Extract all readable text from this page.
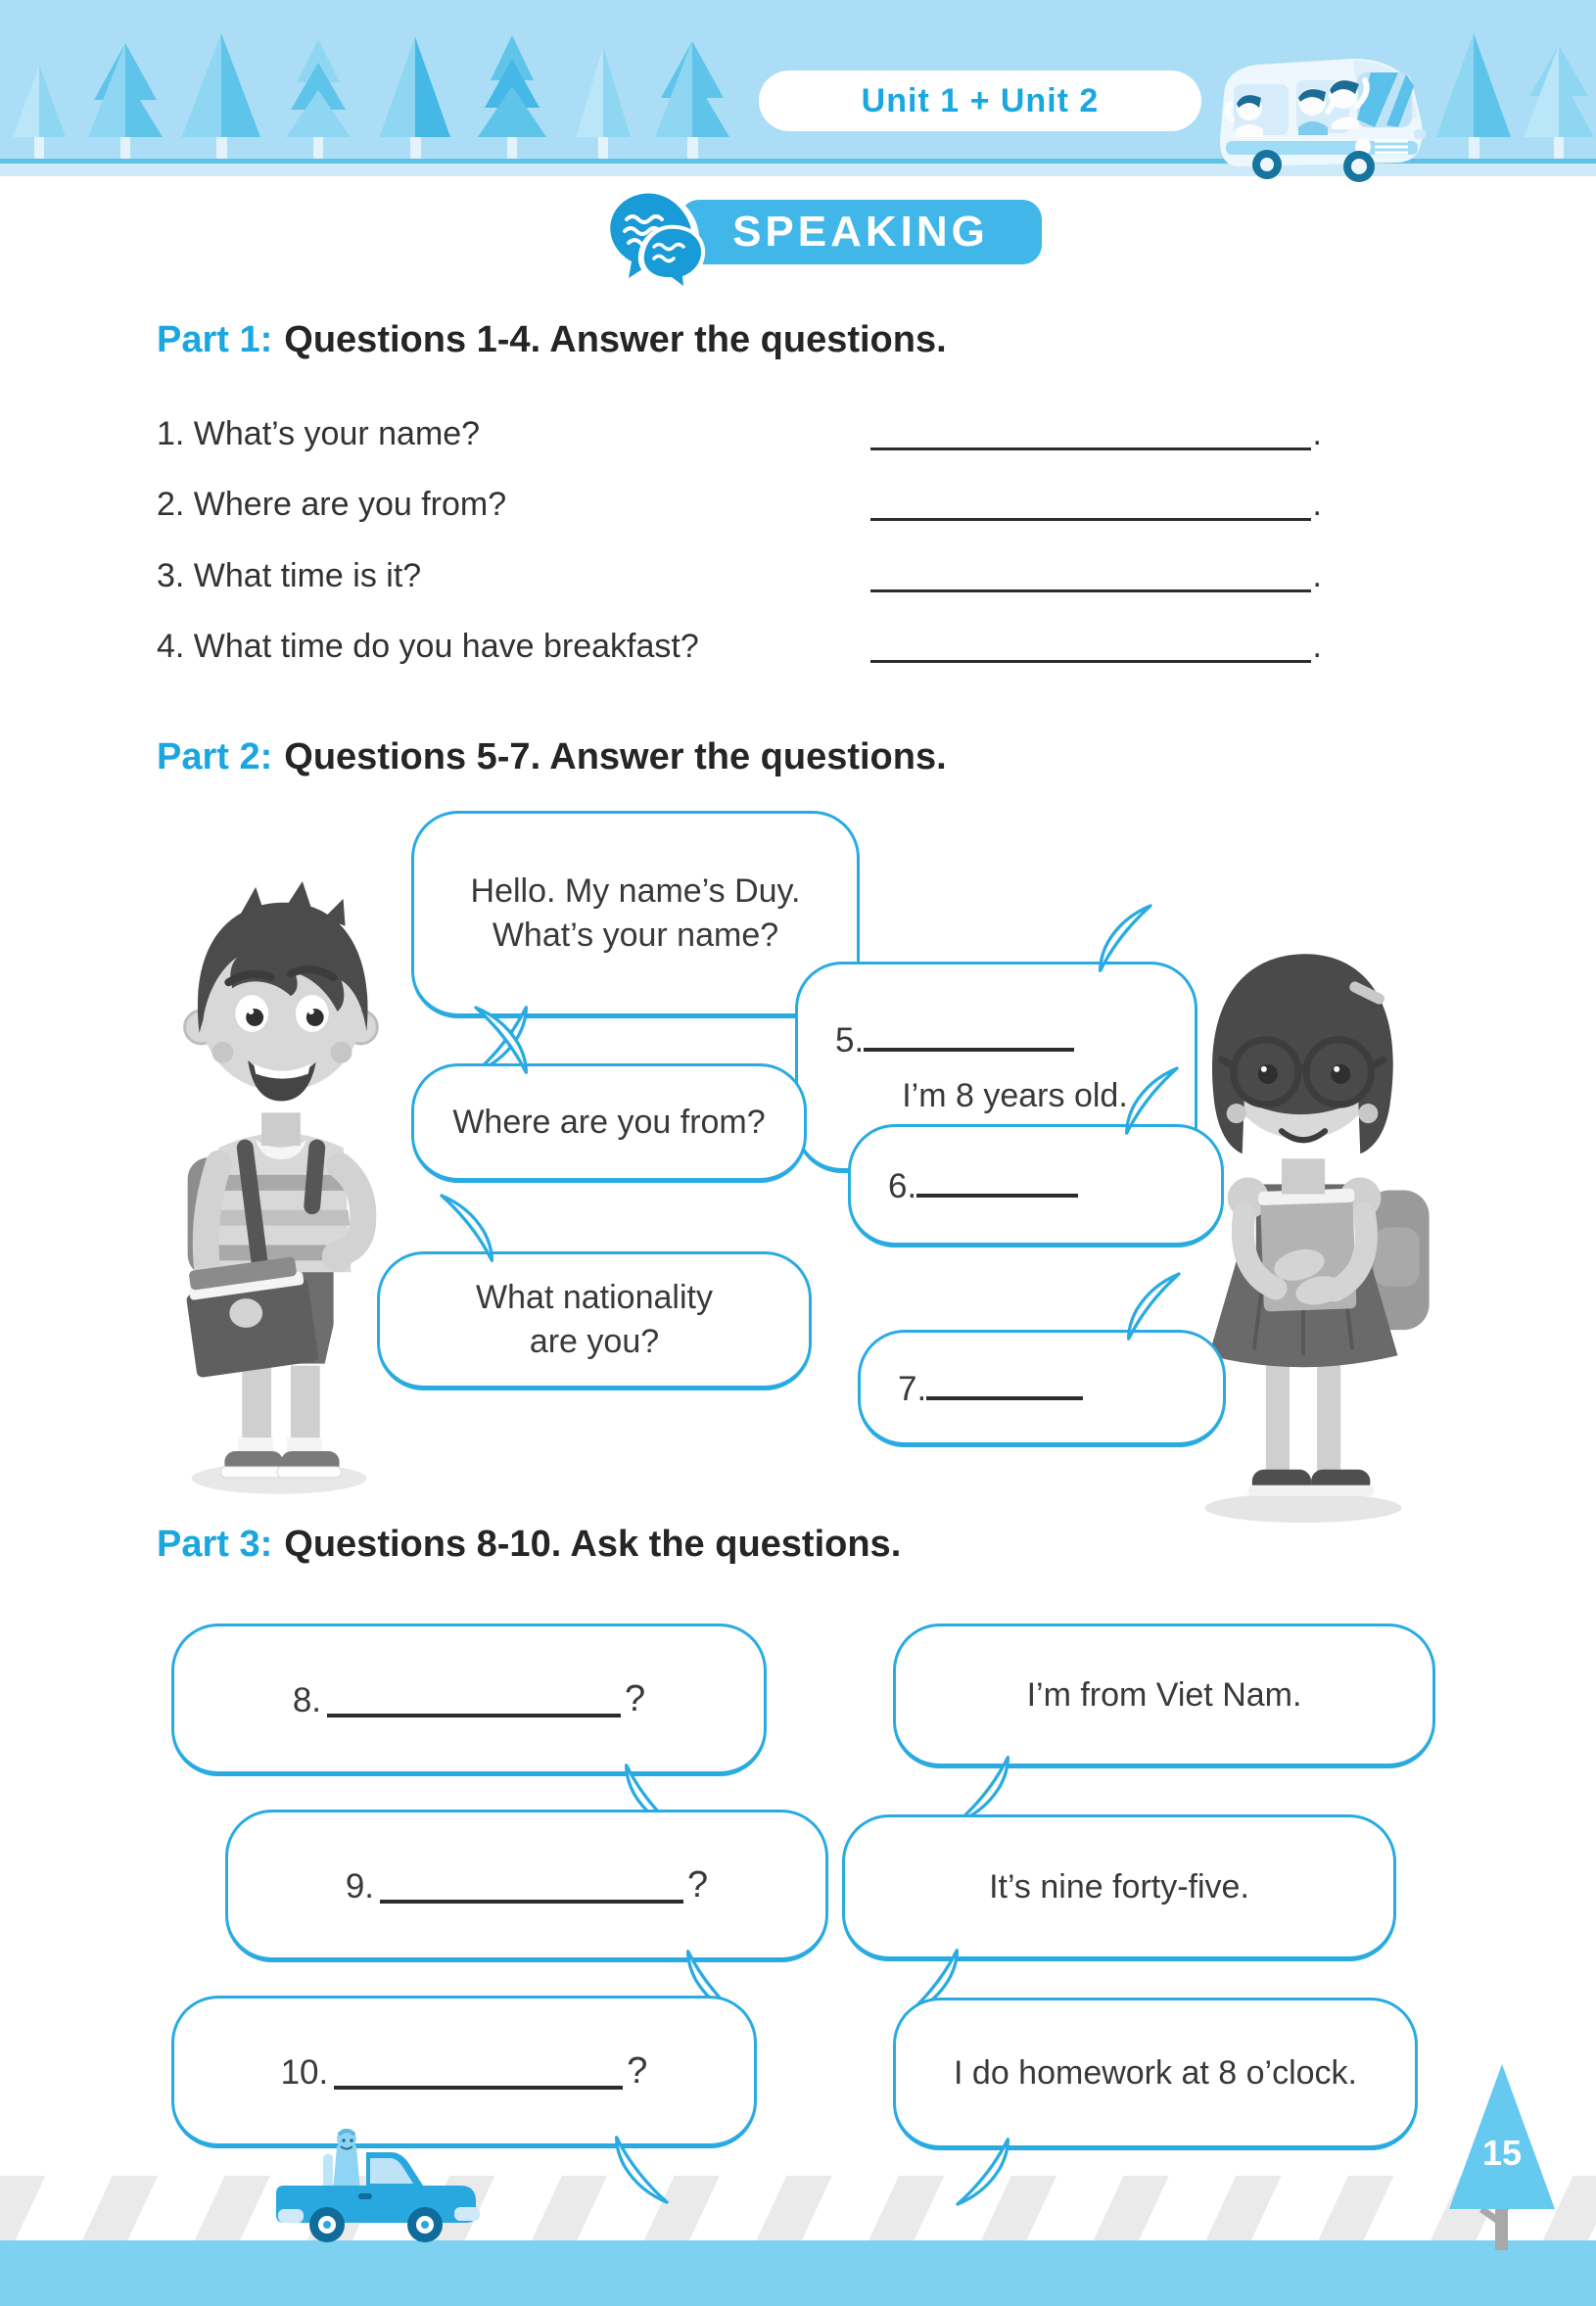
Unit 1 + Unit 2
SPEAKING
Part 1: Questions 1-4. Answer the questions.
1. What’s your name?	.
2. Where are you from?	.
3. What time is it?	.
4. What time do you have breakfast?	.
Part 2: Questions 5-7. Answer the questions.
Hello. My name’s Duy.
What’s your name?
5.
I’m 8 years old.
Where are you from?
6.
What nationality
are you?
7.
Part 3: Questions 8-10. Ask the questions.
8.	?	I’m from Viet Nam.
9.	?	It’s nine forty-five.
10.	?	I do homework at 8 o’clock.
15
